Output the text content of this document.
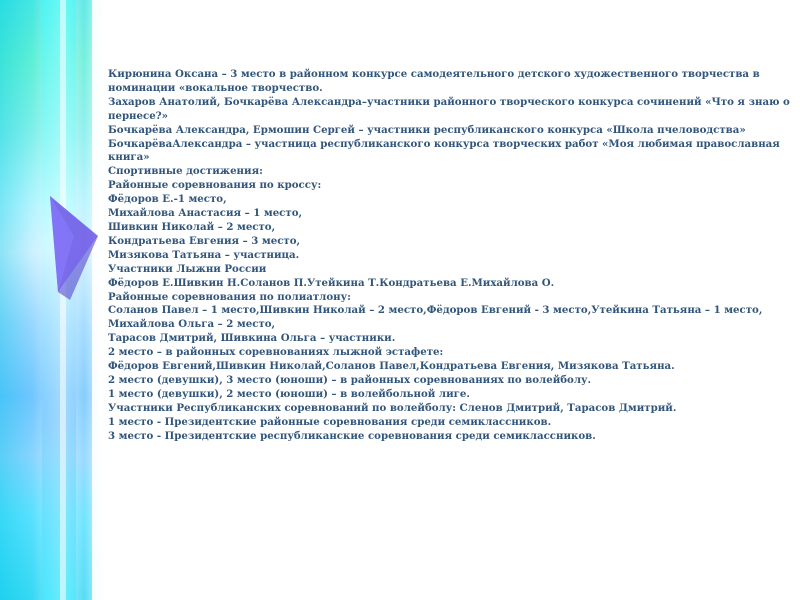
Кирюнина Оксана – 3 место в районном конкурсе самодеятельного детского художественного творчества в номинации «вокальное творчество.
Захаров Анатолий, Бочкарёва Александра–участники районного творческого конкурса сочинений «Что я знаю о пернесе?»
Бочкарёва Александра, Ермошин Сергей – участники республиканского конкурса «Школа пчеловодства»
БочкарёваАлександра – участница республиканского конкурса творческих работ «Моя любимая православная книга»
Спортивные достижения:
Районные соревнования по кроссу:
Фёдоров Е.-1 место,
Михайлова Анастасия – 1 место,
Шивкин Николай – 2 место,
Кондратьева Евгения – 3 место,
Мизякова Татьяна – участница.
Участники Лыжни России
Фёдоров Е.Шивкин Н.Соланов П.Утейкина Т.Кондратьева Е.Михайлова О.
Районные соревнования по полиатлону:
Соланов Павел – 1 место,Шивкин Николай – 2 место,Фёдоров Евгений - 3 место,Утейкина Татьяна – 1 место, Михайлова Ольга – 2 место,
Тарасов Дмитрий, Шивкина Ольга – участники.
2 место – в районных соревнованиях лыжной эстафете:
Фёдоров Евгений,Шивкин Николай,Соланов Павел,Кондратьева Евгения, Мизякова Татьяна.
2 место (девушки), 3 место (юноши) – в районных соревнованиях по волейболу.
1 место (девушки), 2 место (юноши) – в волейбольной лиге.
Участники Республиканских соревнований по волейболу: Сленов Дмитрий, Тарасов Дмитрий.
1 место - Президентские районные соревнования среди семиклассников.
3 место - Президентские республиканские соревнования среди семиклассников.
